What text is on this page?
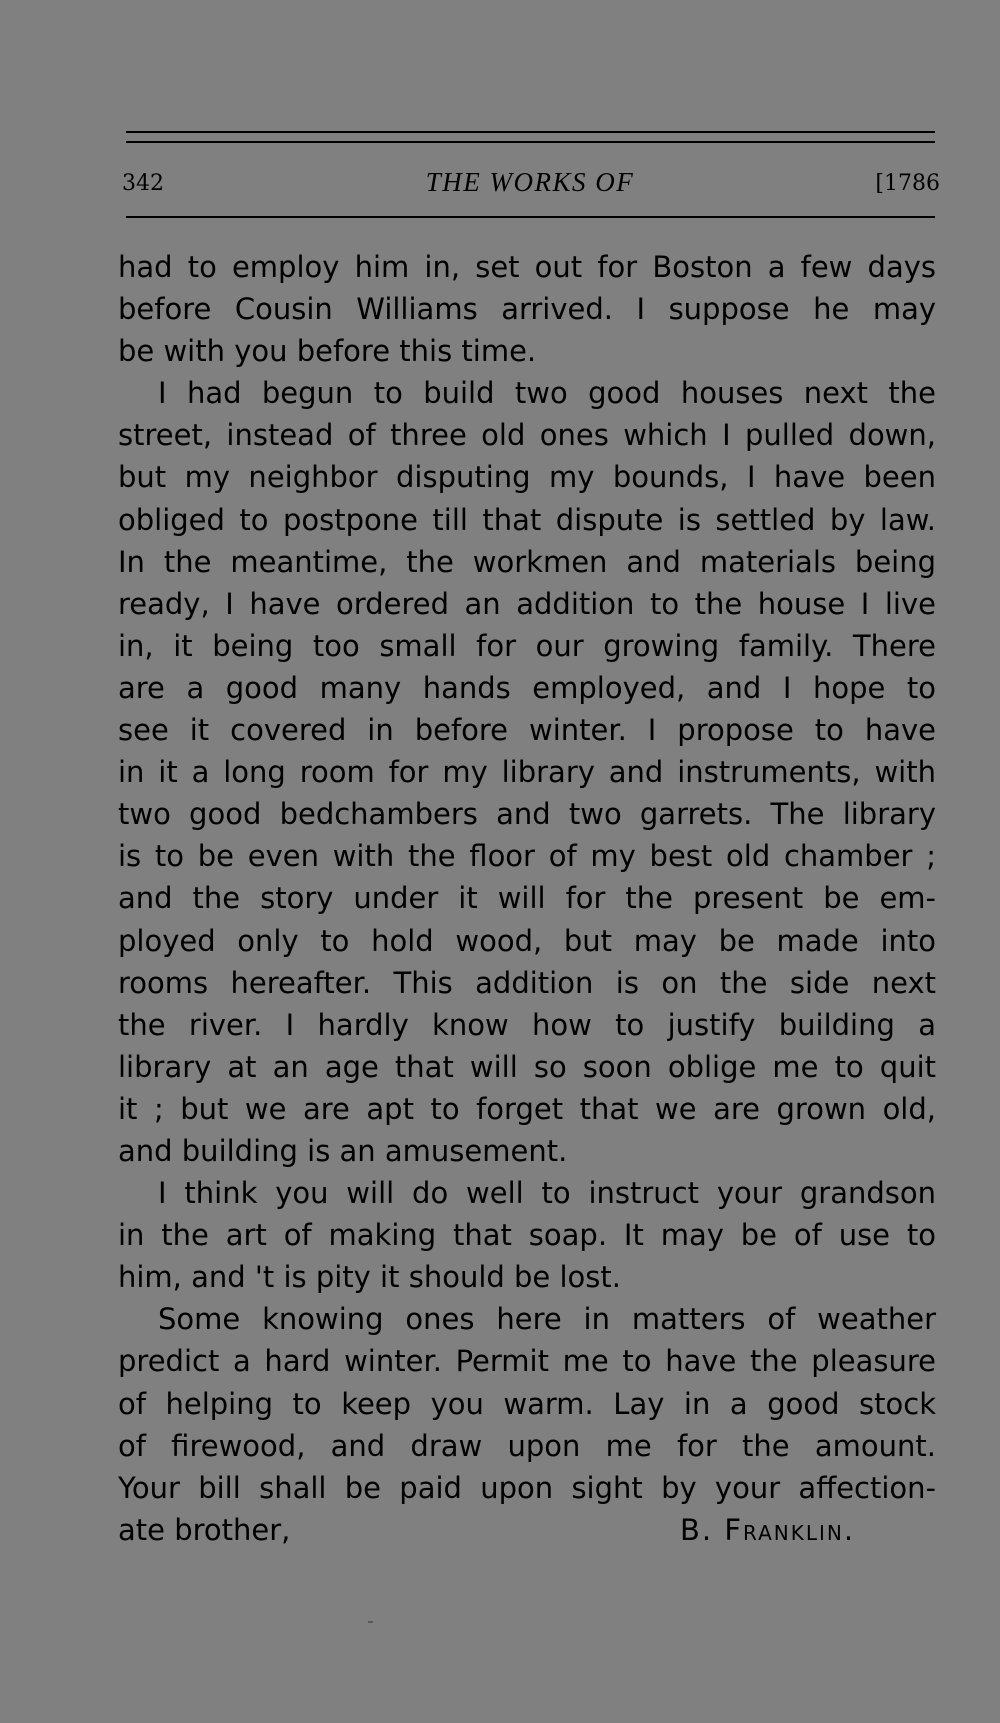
342	THE WORKS OF	[1786
had to employ him in, set out for Boston a few days
before Cousin Williams arrived. I suppose he may
be with you before this time.
I had begun to build two good houses next the
street, instead of three old ones which I pulled down,
but my neighbor disputing my bounds, I have been
obliged to postpone till that dispute is settled by law.
In the meantime, the workmen and materials being
ready, I have ordered an addition to the house I live
in, it being too small for our growing family. There
are a good many hands employed, and I hope to
see it covered in before winter. I propose to have
in it a long room for my library and instruments, with
two good bedchambers and two garrets. The library
is to be even with the floor of my best old chamber ;
and the story under it will for the present be em-
ployed only to hold wood, but may be made into
rooms hereafter. This addition is on the side next
the river. I hardly know how to justify building a
library at an age that will so soon oblige me to quit
it ; but we are apt to forget that we are grown old,
and building is an amusement.
I think you will do well to instruct your grandson
in the art of making that soap. It may be of use to
him, and 't is pity it should be lost.
Some knowing ones here in matters of weather
predict a hard winter. Permit me to have the pleasure
of helping to keep you warm. Lay in a good stock
of firewood, and draw upon me for the amount.
Your bill shall be paid upon sight by your affection-
ate brother,	B. Franklin.
